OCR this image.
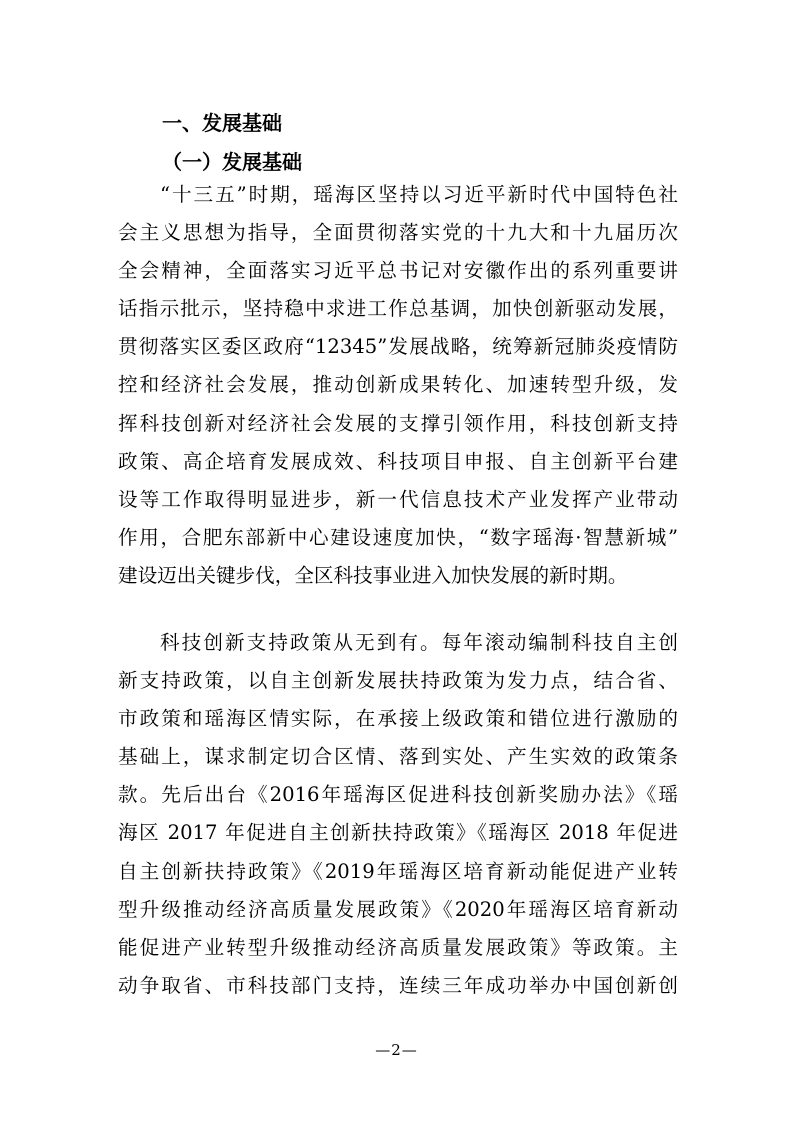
一、发展基础
（一）发展基础
“十三五”时期，瑶海区坚持以习近平新时代中国特色社
会主义思想为指导，全面贯彻落实党的十九大和十九届历次
全会精神，全面落实习近平总书记对安徽作出的系列重要讲
话指示批示，坚持稳中求进工作总基调，加快创新驱动发展，
贯彻落实区委区政府“12345”发展战略，统筹新冠肺炎疫情防
控和经济社会发展，推动创新成果转化、加速转型升级，发
挥科技创新对经济社会发展的支撑引领作用，科技创新支持
政策、高企培育发展成效、科技项目申报、自主创新平台建
设等工作取得明显进步，新一代信息技术产业发挥产业带动
作用，合肥东部新中心建设速度加快，“数字瑶海·智慧新城”
建设迈出关键步伐，全区科技事业进入加快发展的新时期。
科技创新支持政策从无到有。每年滚动编制科技自主创
新支持政策，以自主创新发展扶持政策为发力点，结合省、
市政策和瑶海区情实际，在承接上级政策和错位进行激励的
基础上，谋求制定切合区情、落到实处、产生实效的政策条
款。先后出台《2016年瑶海区促进科技创新奖励办法》《瑶
海区 2017 年促进自主创新扶持政策》《瑶海区 2018 年促进
自主创新扶持政策》《2019年瑶海区培育新动能促进产业转
型升级推动经济高质量发展政策》《2020年瑶海区培育新动
能促进产业转型升级推动经济高质量发展政策》等政策。主
动争取省、市科技部门支持，连续三年成功举办中国创新创
—2—
